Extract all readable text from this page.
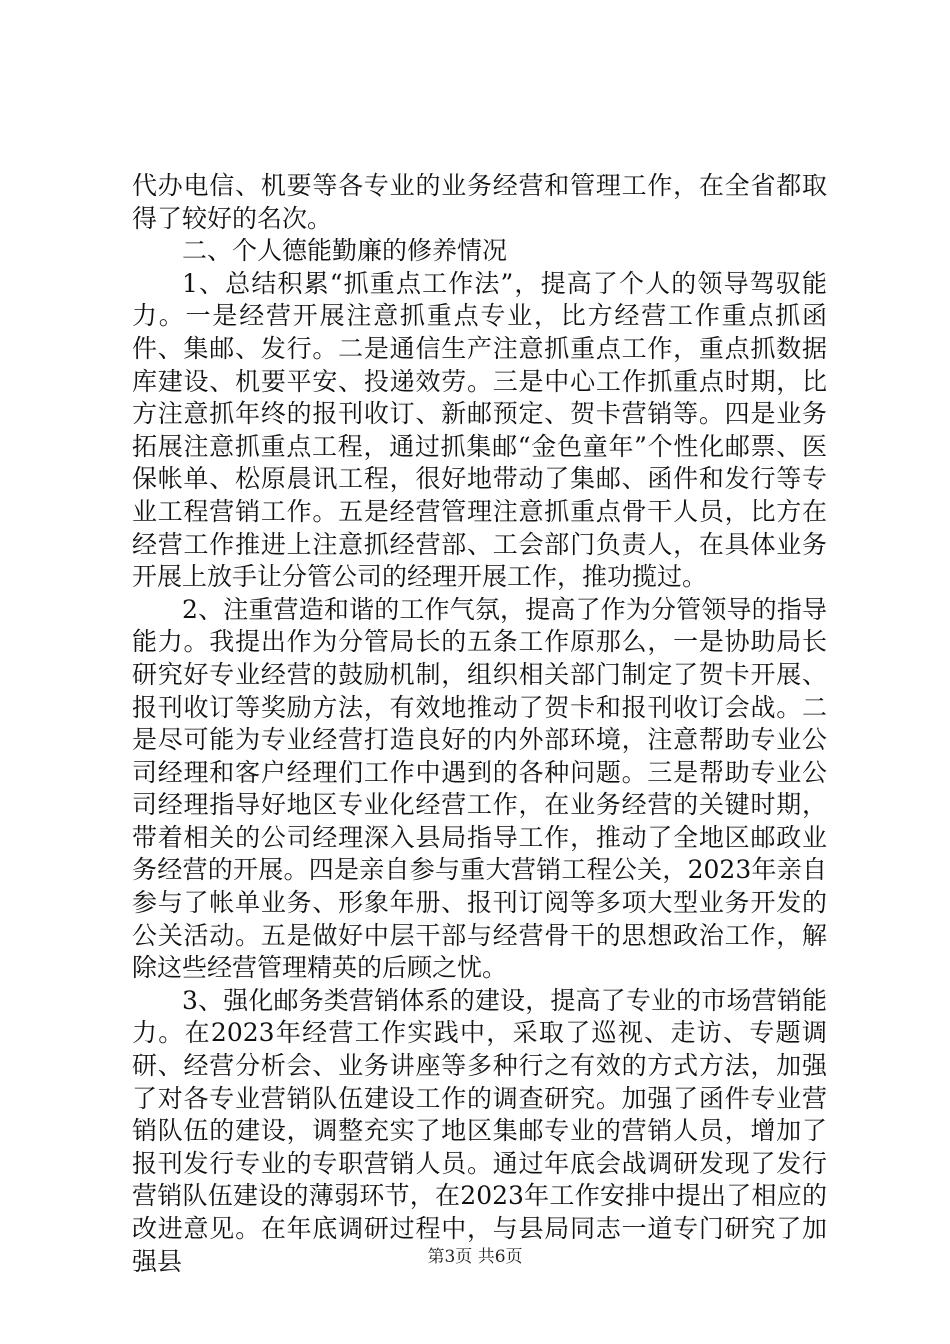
代办电信、机要等各专业的业务经营和管理工作，在全省都取得了较好的名次。

二、个人德能勤廉的修养情况

1、总结积累“抓重点工作法”，提高了个人的领导驾驭能力。一是经营开展注意抓重点专业，比方经营工作重点抓函件、集邮、发行。二是通信生产注意抓重点工作，重点抓数据库建设、机要平安、投递效劳。三是中心工作抓重点时期，比方注意抓年终的报刊收订、新邮预定、贺卡营销等。四是业务拓展注意抓重点工程，通过抓集邮“金色童年”个性化邮票、医保帐单、松原晨讯工程，很好地带动了集邮、函件和发行等专业工程营销工作。五是经营管理注意抓重点骨干人员，比方在经营工作推进上注意抓经营部、工会部门负责人，在具体业务开展上放手让分管公司的经理开展工作，推功揽过。

2、注重营造和谐的工作气氛，提高了作为分管领导的指导能力。我提出作为分管局长的五条工作原那么，一是协助局长研究好专业经营的鼓励机制，组织相关部门制定了贺卡开展、报刊收订等奖励方法，有效地推动了贺卡和报刊收订会战。二是尽可能为专业经营打造良好的内外部环境，注意帮助专业公司经理和客户经理们工作中遇到的各种问题。三是帮助专业公司经理指导好地区专业化经营工作，在业务经营的关键时期，带着相关的公司经理深入县局指导工作，推动了全地区邮政业务经营的开展。四是亲自参与重大营销工程公关，2023年亲自参与了帐单业务、形象年册、报刊订阅等多项大型业务开发的公关活动。五是做好中层干部与经营骨干的思想政治工作，解除这些经营管理精英的后顾之忧。

3、强化邮务类营销体系的建设，提高了专业的市场营销能力。在2023年经营工作实践中，采取了巡视、走访、专题调研、经营分析会、业务讲座等多种行之有效的方式方法，加强了对各专业营销队伍建设工作的调查研究。加强了函件专业营销队伍的建设，调整充实了地区集邮专业的营销人员，增加了报刊发行专业的专职营销人员。通过年底会战调研发现了发行营销队伍建设的薄弱环节，在2023年工作安排中提出了相应的改进意见。在年底调研过程中，与县局同志一道专门研究了加强县	第3页 共6页
